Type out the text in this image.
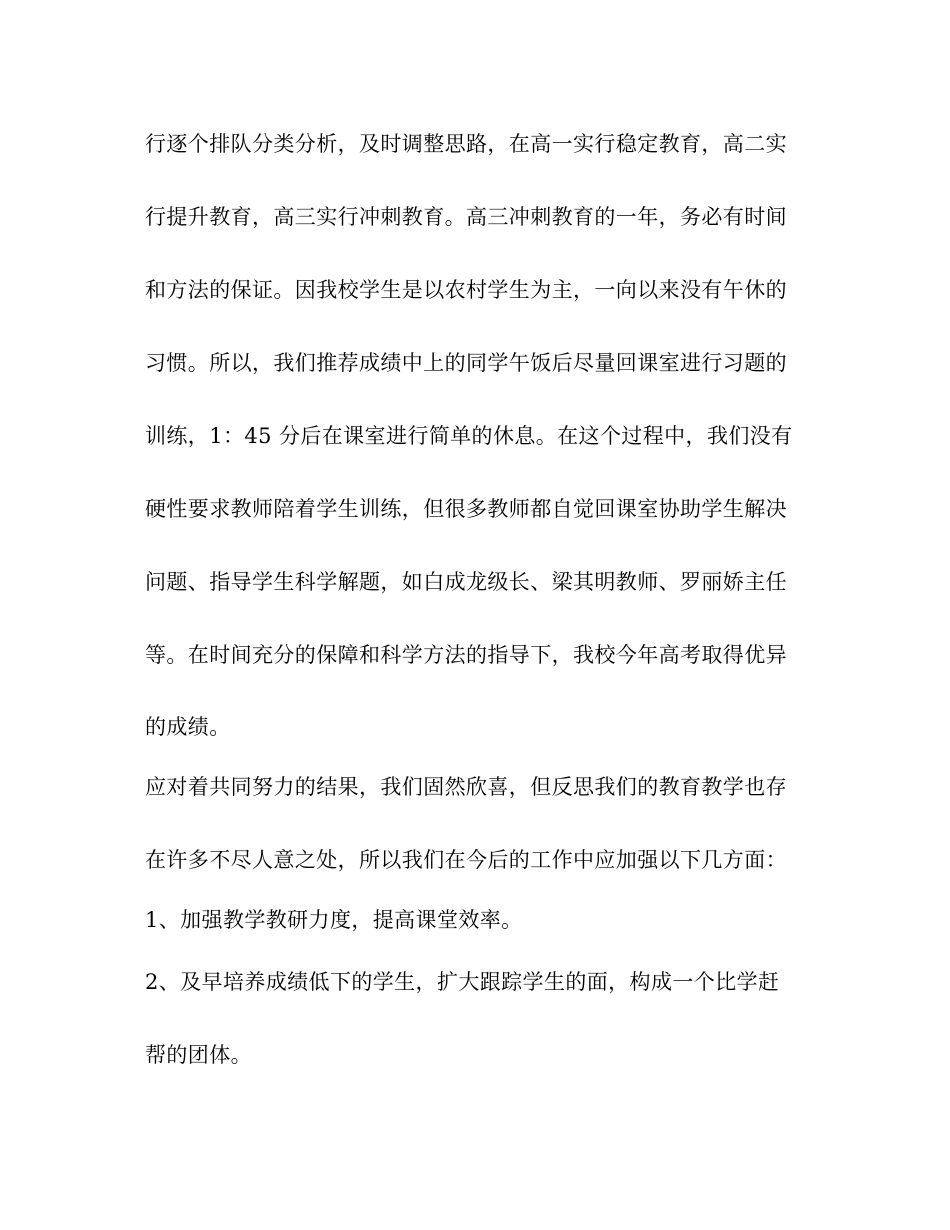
行逐个排队分类分析，及时调整思路，在高一实行稳定教育，高二实
行提升教育，高三实行冲刺教育。高三冲刺教育的一年，务必有时间
和方法的保证。因我校学生是以农村学生为主，一向以来没有午休的
习惯。所以，我们推荐成绩中上的同学午饭后尽量回课室进行习题的
训练，1：45 分后在课室进行简单的休息。在这个过程中，我们没有
硬性要求教师陪着学生训练，但很多教师都自觉回课室协助学生解决
问题、指导学生科学解题，如白成龙级长、梁其明教师、罗丽娇主任
等。在时间充分的保障和科学方法的指导下，我校今年高考取得优异
的成绩。
应对着共同努力的结果，我们固然欣喜，但反思我们的教育教学也存
在许多不尽人意之处，所以我们在今后的工作中应加强以下几方面：
1、加强教学教研力度，提高课堂效率。
2、及早培养成绩低下的学生，扩大跟踪学生的面，构成一个比学赶
帮的团体。
